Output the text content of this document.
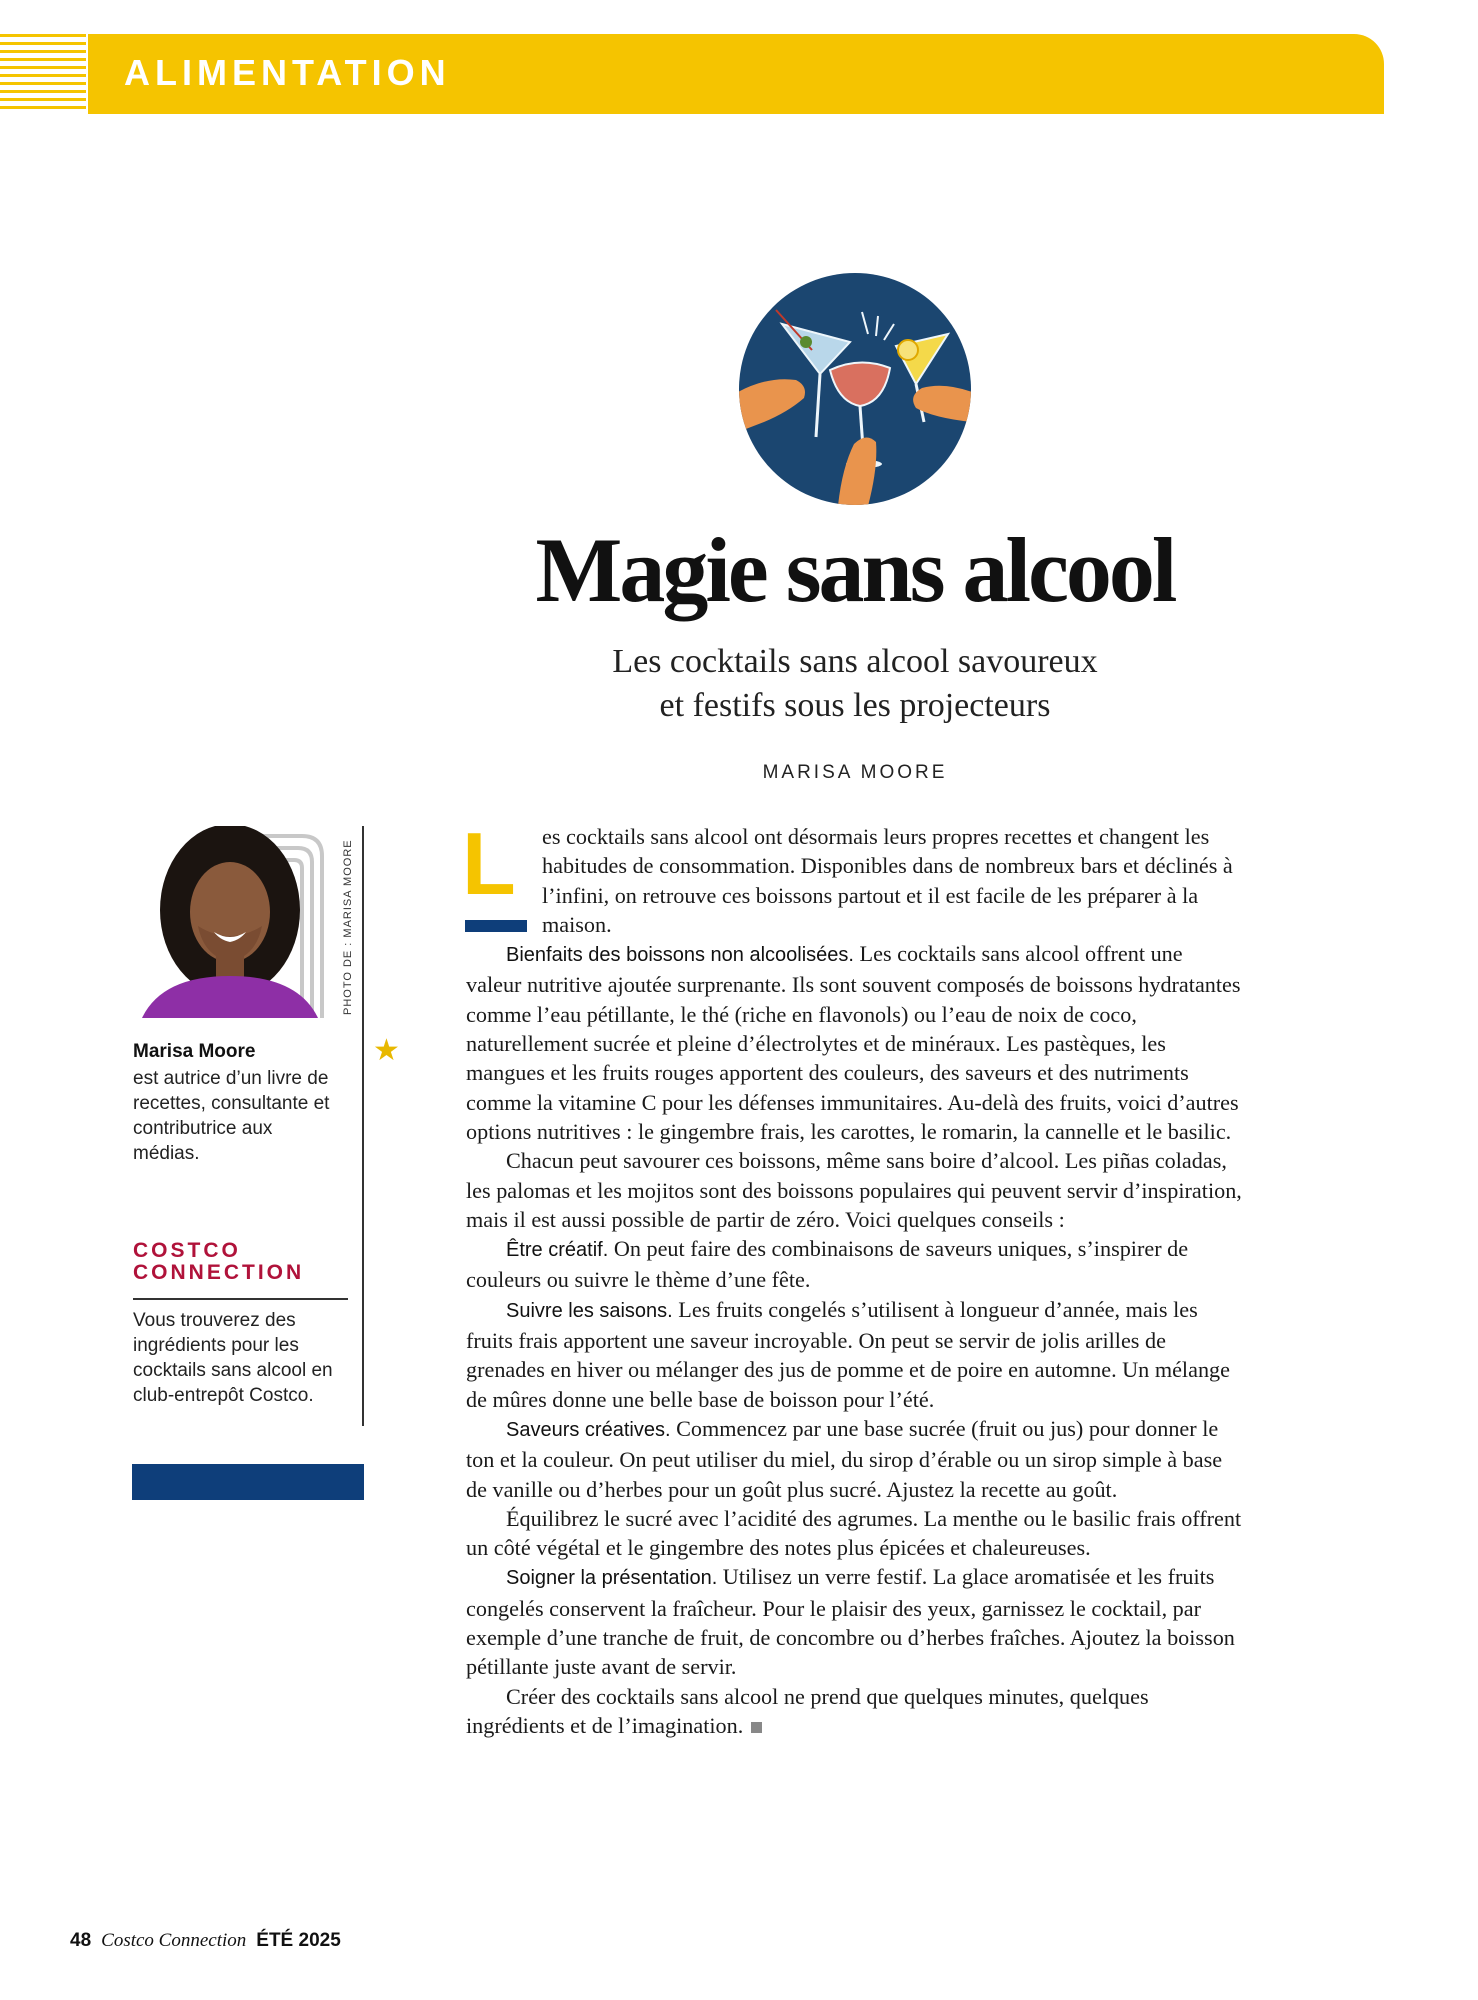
ALIMENTATION
Magie sans alcool
Les cocktails sans alcool savoureux
et festifs sous les projecteurs
MARISA MOORE
PHOTO DE : MARISA MOORE
★
Marisa Moore
est autrice d’un livre de recettes, consultante et contributrice aux médias.
COSTCO
CONNECTION
Vous trouverez des ingrédients pour les cocktails sans alcool en club-entrepôt Costco.
L	es cocktails sans alcool ont désormais leurs propres recettes et changent les habitudes de consommation. Disponibles dans de nombreux bars et déclinés à l’infini, on retrouve ces boissons partout et il est facile de les préparer à la maison.

Bienfaits des boissons non alcoolisées. Les cocktails sans alcool offrent une valeur nutritive ajoutée surprenante. Ils sont souvent composés de boissons hydratantes comme l’eau pétillante, le thé (riche en flavonols) ou l’eau de noix de coco, naturellement sucrée et pleine d’électrolytes et de minéraux. Les pastèques, les mangues et les fruits rouges apportent des couleurs, des saveurs et des nutriments comme la vitamine C pour les défenses immunitaires. Au-delà des fruits, voici d’autres options nutritives : le gingembre frais, les carottes, le romarin, la cannelle et le basilic.

Chacun peut savourer ces boissons, même sans boire d’alcool. Les piñas coladas, les palomas et les mojitos sont des boissons populaires qui peuvent servir d’inspiration, mais il est aussi possible de partir de zéro. Voici quelques conseils :

Être créatif. On peut faire des combinaisons de saveurs uniques, s’inspirer de couleurs ou suivre le thème d’une fête.

Suivre les saisons. Les fruits congelés s’utilisent à longueur d’année, mais les fruits frais apportent une saveur incroyable. On peut se servir de jolis arilles de grenades en hiver ou mélanger des jus de pomme et de poire en automne. Un mélange de mûres donne une belle base de boisson pour l’été.

Saveurs créatives. Commencez par une base sucrée (fruit ou jus) pour donner le ton et la couleur. On peut utiliser du miel, du sirop d’érable ou un sirop simple à base de vanille ou d’herbes pour un goût plus sucré. Ajustez la recette au goût.

Équilibrez le sucré avec l’acidité des agrumes. La menthe ou le basilic frais offrent un côté végétal et le gingembre des notes plus épicées et chaleureuses.

Soigner la présentation. Utilisez un verre festif. La glace aromatisée et les fruits congelés conservent la fraîcheur. Pour le plaisir des yeux, garnissez le cocktail, par exemple d’une tranche de fruit, de concombre ou d’herbes fraîches. Ajoutez la boisson pétillante juste avant de servir.

Créer des cocktails sans alcool ne prend que quelques minutes, quelques ingrédients et de l’imagination.

48 Costco Connection ÉTÉ 2025
